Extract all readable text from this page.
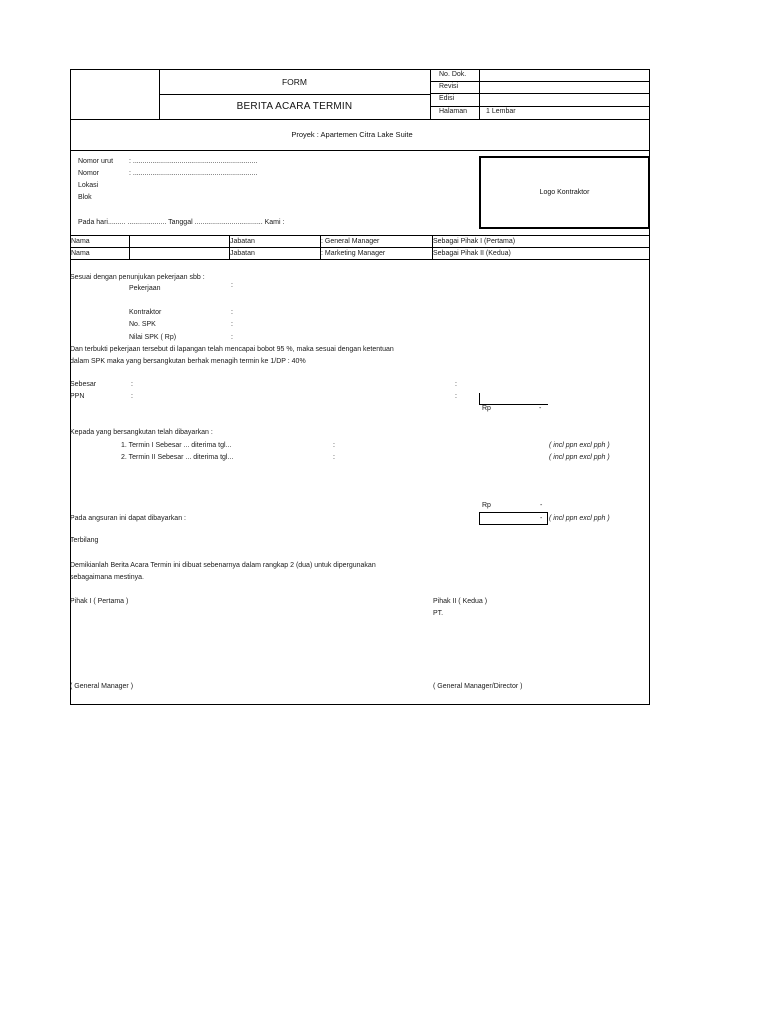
FORM
BERITA ACARA TERMIN
No. Dok.
Revisi
Edisi
Halaman	1 Lembar
Proyek : Apartemen Citra Lake Suite
Nomor urut : ................................................................
Nomor	: ................................................................
Lokasi
Blok
Pada hari......... .................... Tanggal ................................... Kami :
Logo Kontraktor
Nama	Jabatan	: General Manager	Sebagai Pihak I (Pertama)
Nama	Jabatan	: Marketing Manager	Sebagai Pihak II (Kedua)
Sesuai dengan penunjukan pekerjaan sbb :
Pekerjaan	:
Kontraktor	:
No. SPK	:
Nilai SPK ( Rp)	:
Dan terbukti pekerjaan tersebut di lapangan telah mencapai bobot 95 %, maka sesuai dengan ketentuan
dalam SPK maka yang bersangkutan berhak menagih termin ke 1/DP : 40%
Sebesar	:	:
PPN	:	:
Rp	-
Kepada yang bersangkutan telah dibayarkan :
1. Termin I Sebesar ... diterima tgl...	:	( incl ppn excl pph )
2. Termin II Sebesar ... diterima tgl...	:	( incl ppn excl pph )
Rp	-
Pada angsuran ini dapat dibayarkan :	- ( incl ppn excl pph )
Terbilang
Demikianlah Berita Acara Termin ini dibuat sebenarnya dalam rangkap 2 (dua) untuk dipergunakan
sebagaimana mestinya.
Pihak I ( Pertama )	Pihak II ( Kedua )
PT.
( General Manager )	( General Manager/Director )
